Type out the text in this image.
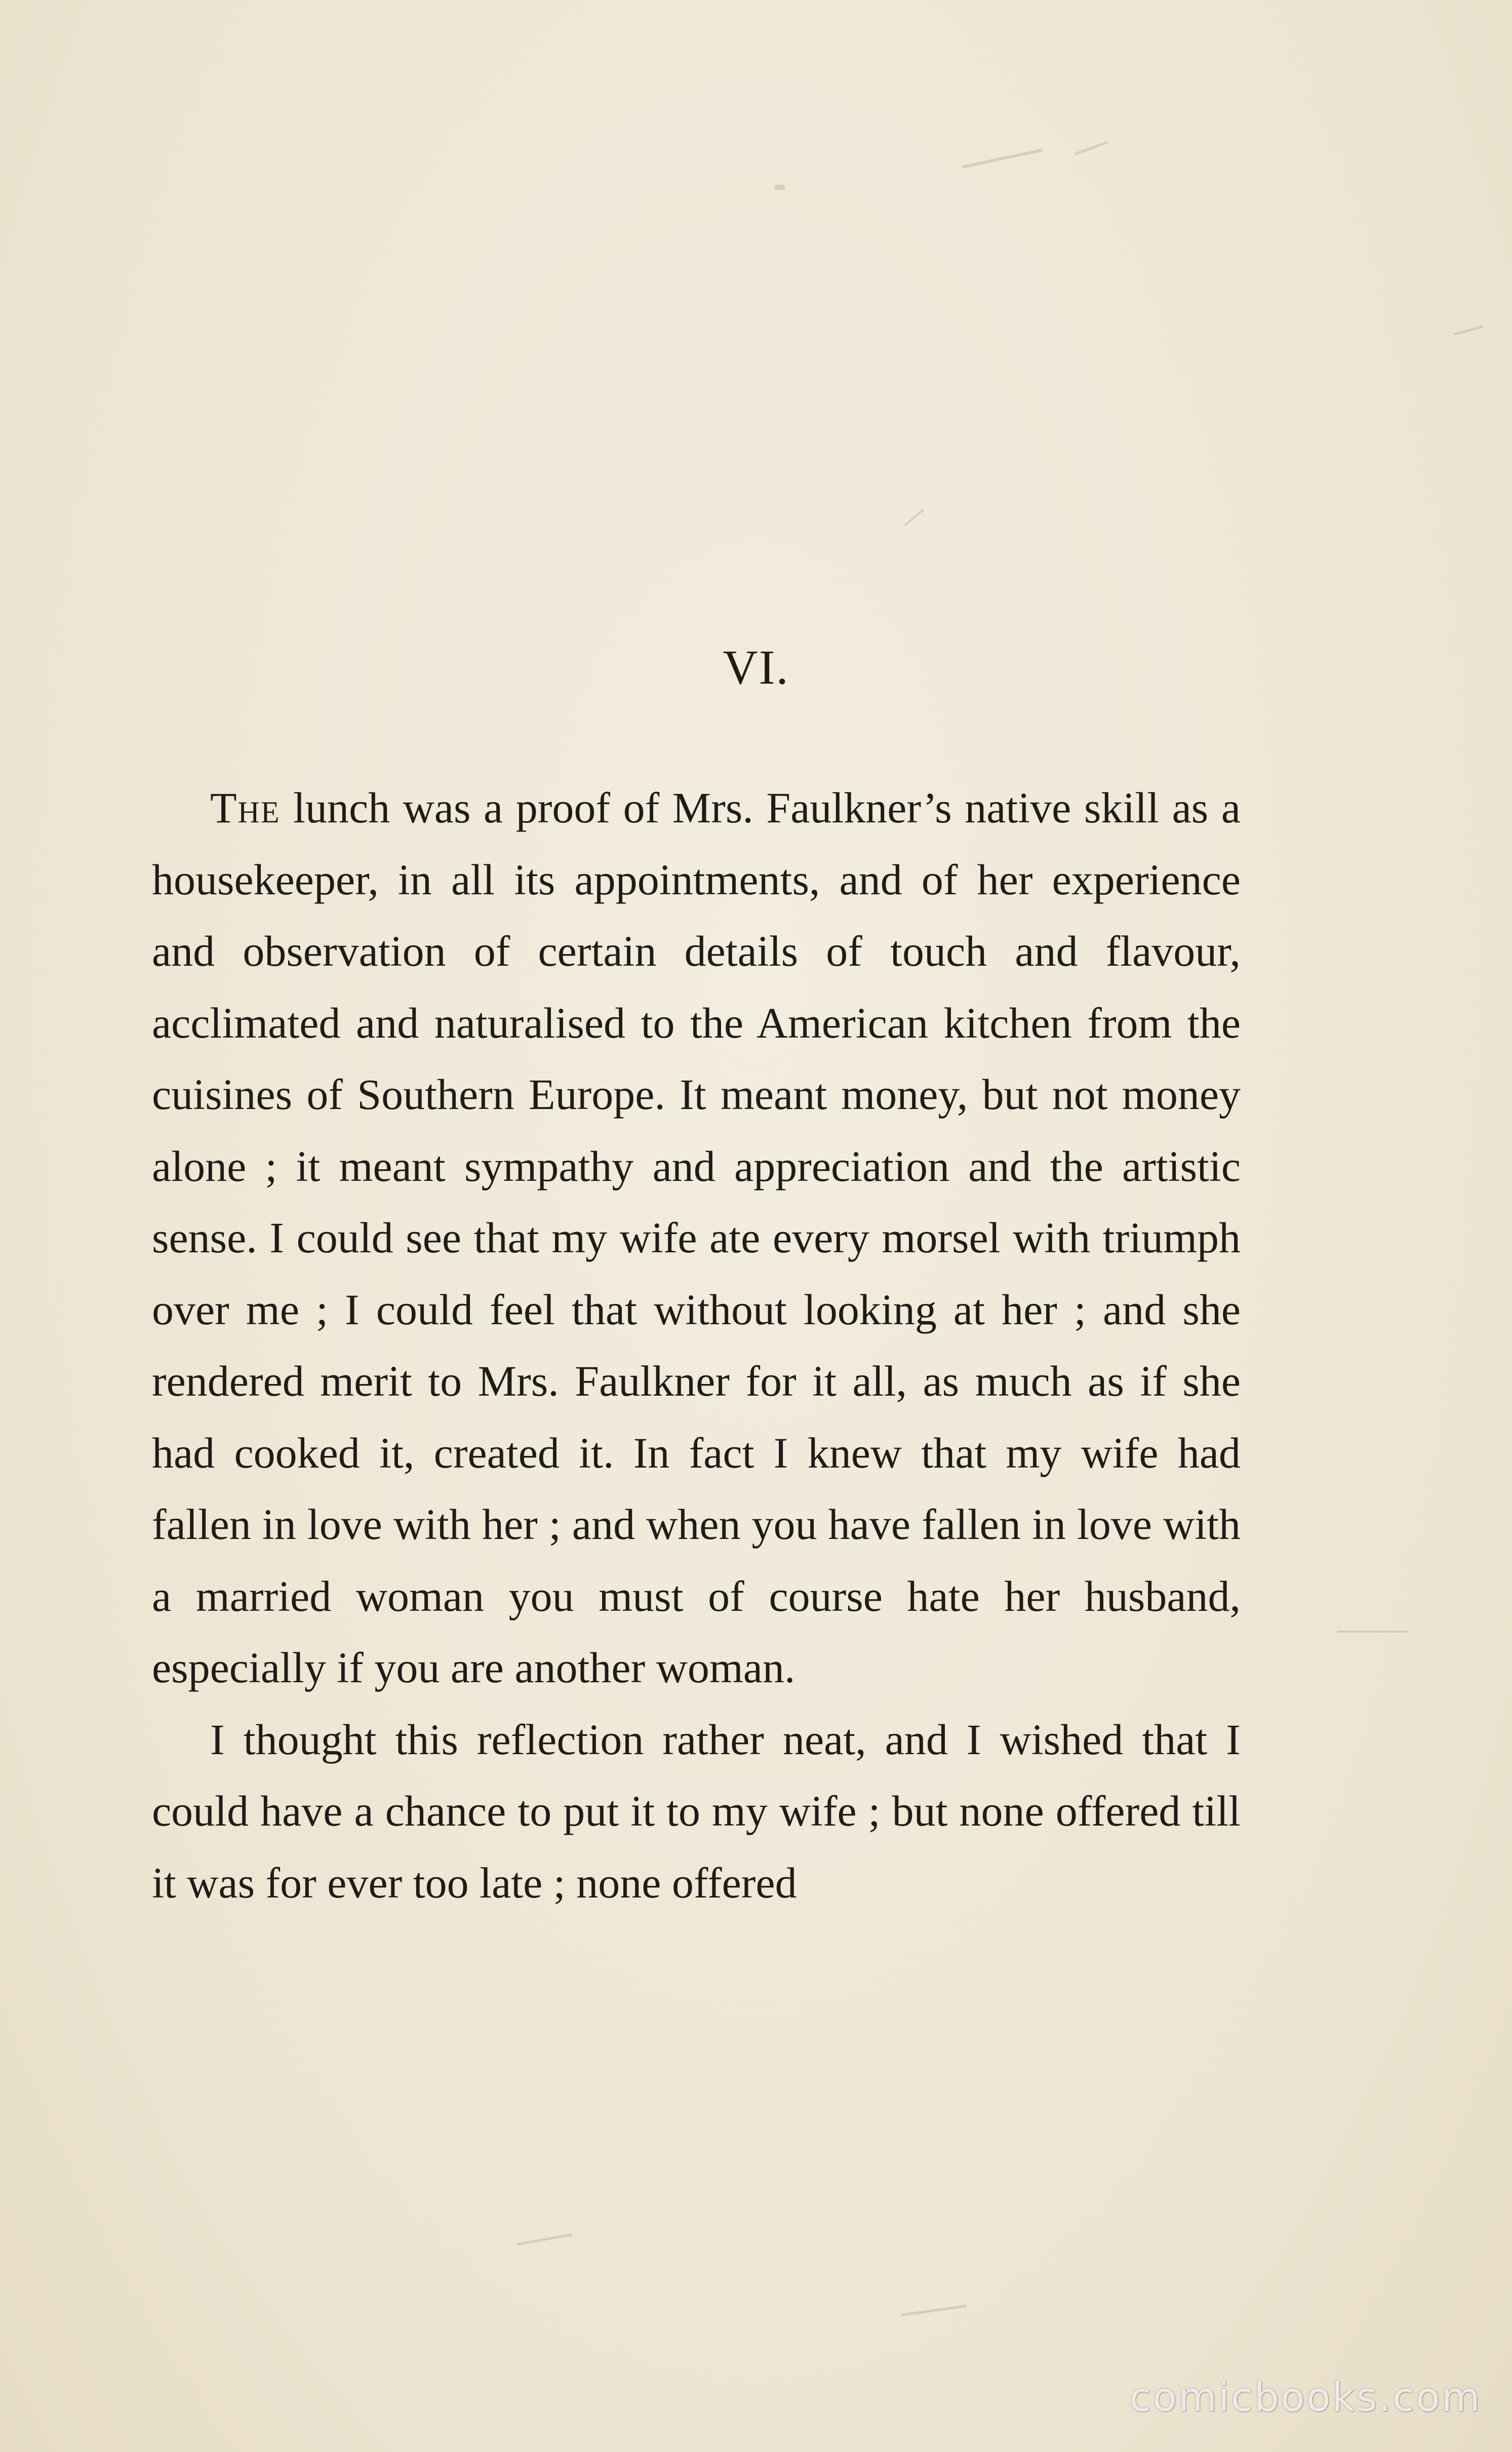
VI.

The lunch was a proof of Mrs. Faulkner’s native skill as a housekeeper, in all its appointments, and of her experience and observation of certain details of touch and flavour, acclimated and naturalised to the American kitchen from the cuisines of Southern Europe. It meant money, but not money alone ; it meant sympathy and appreciation and the artistic sense. I could see that my wife ate every morsel with triumph over me ; I could feel that without looking at her ; and she rendered merit to Mrs. Faulkner for it all, as much as if she had cooked it, created it. In fact I knew that my wife had fallen in love with her ; and when you have fallen in love with a married woman you must of course hate her husband, especially if you are another woman.

I thought this reflection rather neat, and I wished that I could have a chance to put it to my wife ; but none offered till it was for ever too late ; none offered

comicbooks.com
